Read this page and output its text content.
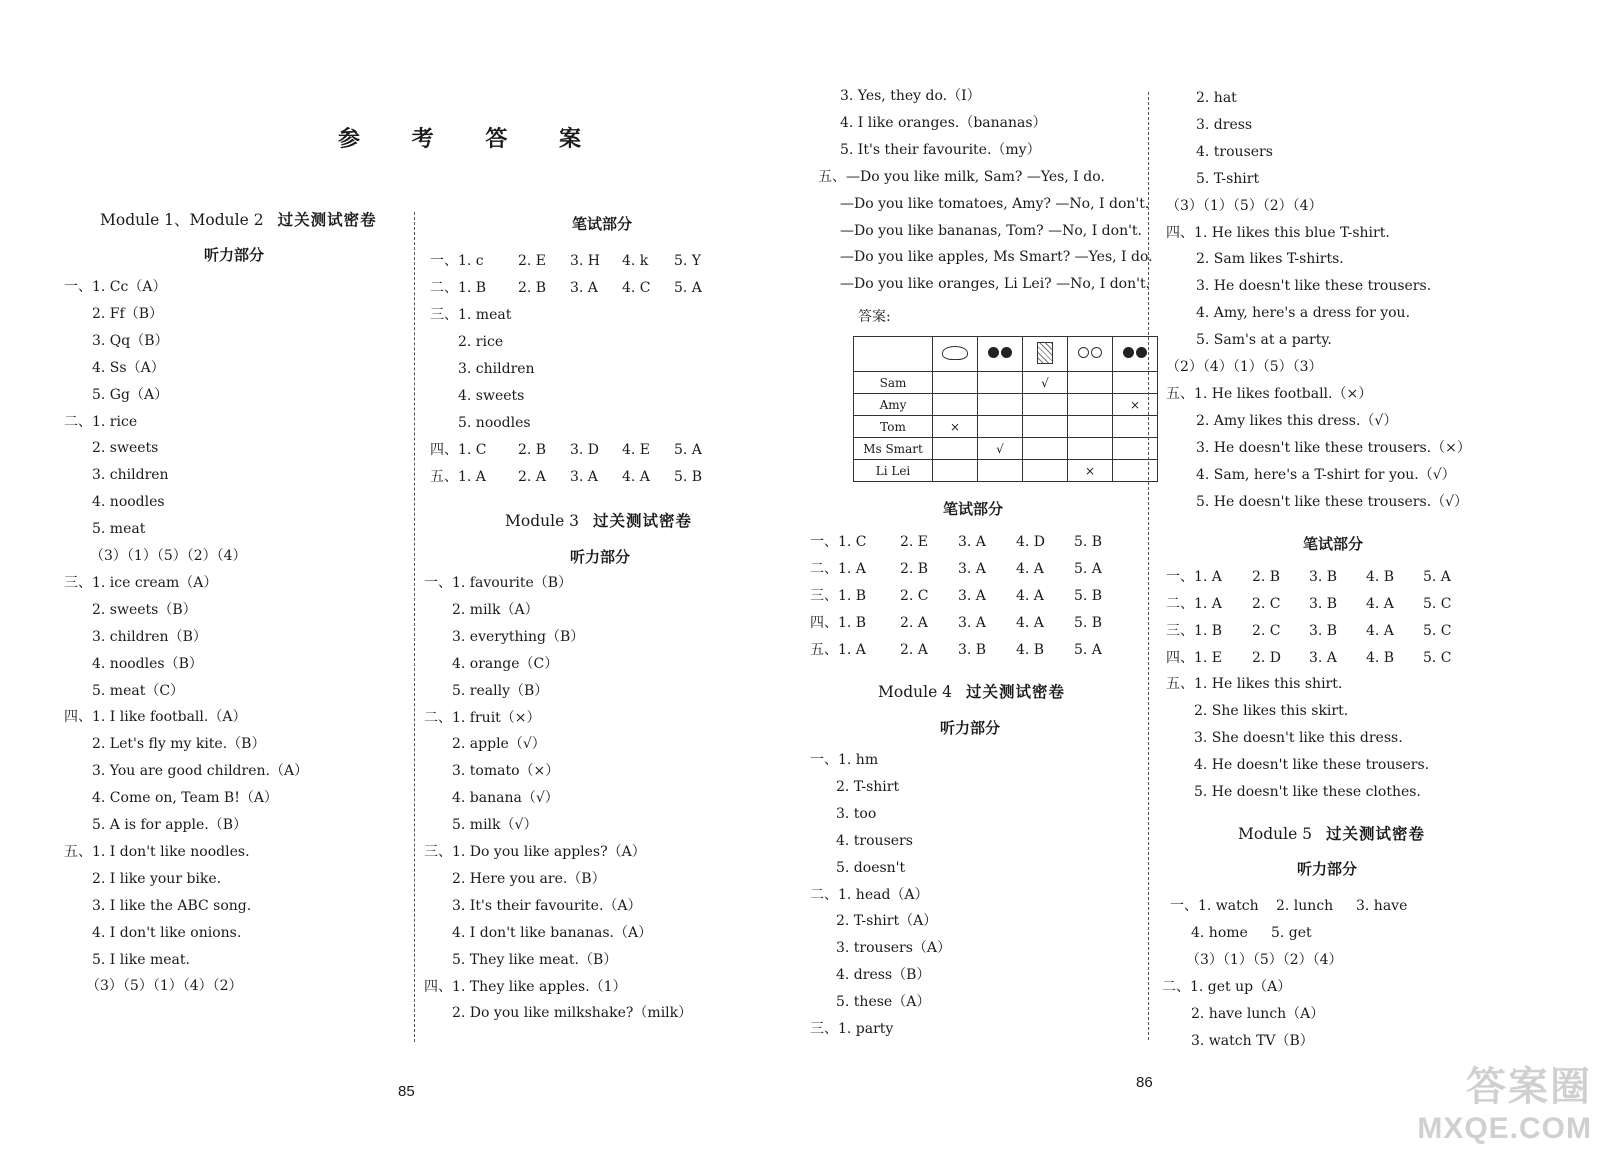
参 考 答 案
Module 1、Module 2 过关测试密卷
听力部分
一、1. Cc（A）
2. Ff（B）
3. Qq（B）
4. Ss（A）
5. Gg（A）
二、1. rice
2. sweets
3. children
4. noodles
5. meat
（3）（1）（5）（2）（4）
三、1. ice cream（A）
2. sweets（B）
3. children（B）
4. noodles（B）
5. meat（C）
四、1. I like football.（A）
2. Let's fly my kite.（B）
3. You are good children.（A）
4. Come on, Team B!（A）
5. A is for apple.（B）
五、1. I don't like noodles.
2. I like your bike.
3. I like the ABC song.
4. I don't like onions.
5. I like meat.
（3）（5）（1）（4）（2）
笔试部分
一、1. c 2. E 3. H 4. k 5. Y
二、1. B 2. B 3. A 4. C 5. A
三、1. meat
2. rice
3. children
4. sweets
5. noodles
四、1. C 2. B 3. D 4. E 5. A
五、1. A 2. A 3. A 4. A 5. B
Module 3 过关测试密卷
听力部分
一、1. favourite（B）
2. milk（A）
3. everything（B）
4. orange（C）
5. really（B）
二、1. fruit（×）
2. apple（√）
3. tomato（×）
4. banana（√）
5. milk（√）
三、1. Do you like apples?（A）
2. Here you are.（B）
3. It's their favourite.（A）
4. I don't like bananas.（A）
5. They like meat.（B）
四、1. They like apples.（1）
2. Do you like milkshake?（milk）
85
3. Yes, they do.（I）
4. I like oranges.（bananas）
5. It's their favourite.（my）
五、—Do you like milk, Sam? —Yes, I do.
—Do you like tomatoes, Amy? —No, I don't.
—Do you like bananas, Tom? —No, I don't.
—Do you like apples, Ms Smart? —Yes, I do.
—Do you like oranges, Li Lei? —No, I don't.
答案:

Sam			√		
Amy					×
Tom	×				
Ms Smart		√			
Li Lei				×	
笔试部分
一、1. C 2. E 3. A 4. D 5. B
二、1. A 2. B 3. A 4. A 5. A
三、1. B 2. C 3. A 4. A 5. B
四、1. B 2. A 3. A 4. A 5. B
五、1. A 2. A 3. B 4. B 5. A
Module 4 过关测试密卷
听力部分
一、1. hm
2. T-shirt
3. too
4. trousers
5. doesn't
二、1. head（A）
2. T-shirt（A）
3. trousers（A）
4. dress（B）
5. these（A）
三、1. party
2. hat
3. dress
4. trousers
5. T-shirt
（3）（1）（5）（2）（4）
四、1. He likes this blue T-shirt.
2. Sam likes T-shirts.
3. He doesn't like these trousers.
4. Amy, here's a dress for you.
5. Sam's at a party.
（2）（4）（1）（5）（3）
五、1. He likes football.（×）
2. Amy likes this dress.（√）
3. He doesn't like these trousers.（×）
4. Sam, here's a T-shirt for you.（√）
5. He doesn't like these trousers.（√）
笔试部分
一、1. A 2. B 3. B 4. B 5. A
二、1. A 2. C 3. B 4. A 5. C
三、1. B 2. C 3. B 4. A 5. C
四、1. E 2. D 3. A 4. B 5. C
五、1. He likes this shirt.
2. She likes this skirt.
3. She doesn't like this dress.
4. He doesn't like these trousers.
5. He doesn't like these clothes.
Module 5 过关测试密卷
听力部分
一、1. watch 2. lunch 3. have
4. home 5. get
（3）（1）（5）（2）（4）
二、1. get up（A）
2. have lunch（A）
3. watch TV（B）
86	答案圈
MXQE.COM
